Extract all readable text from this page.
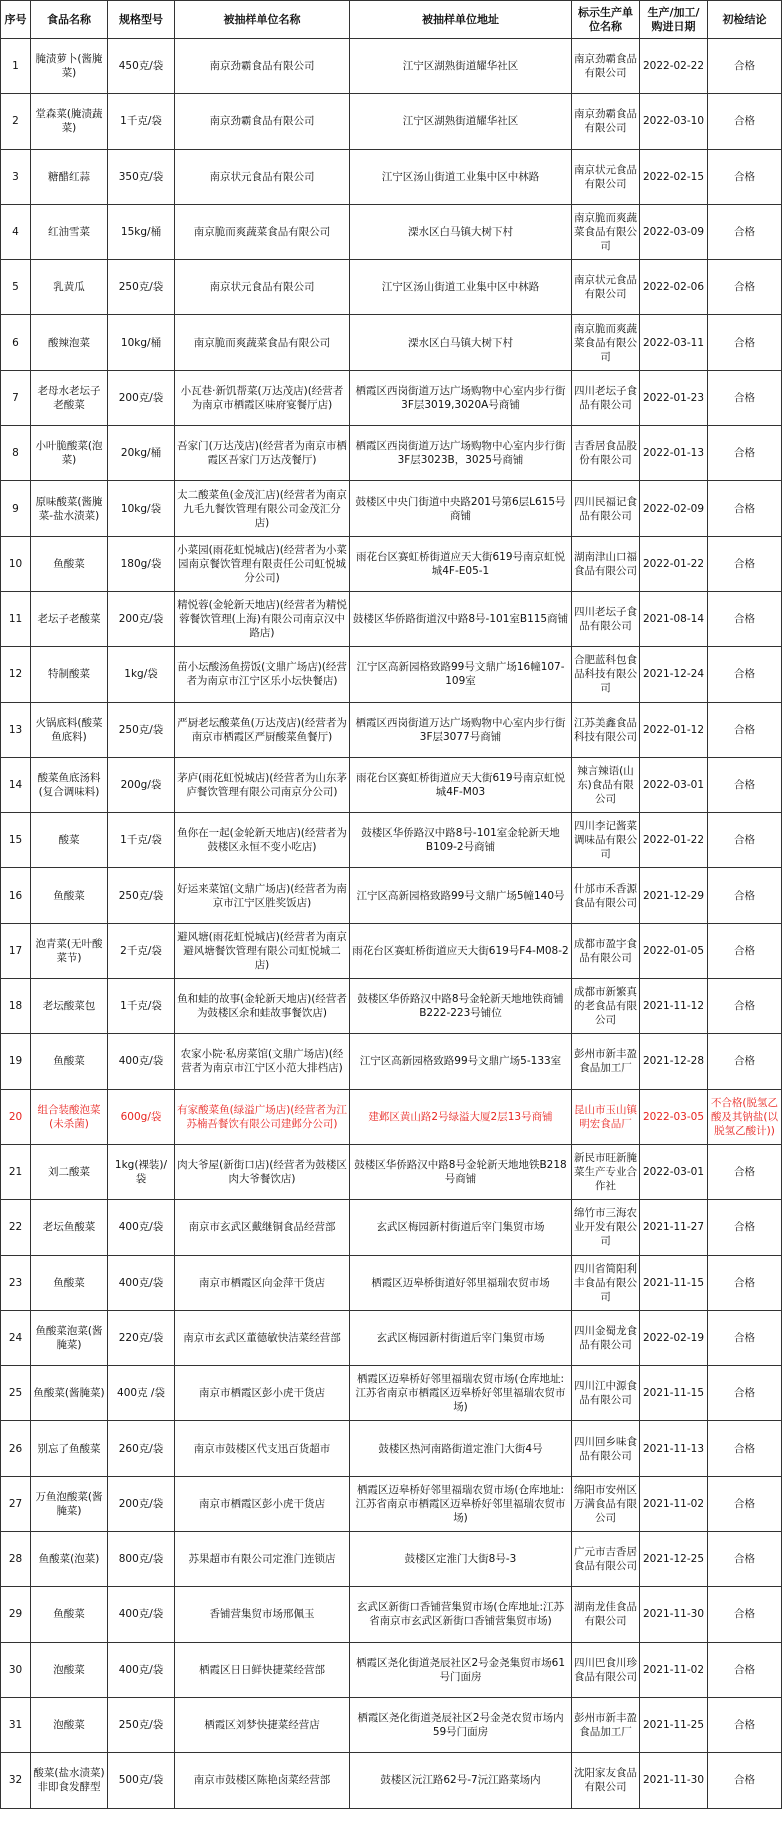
序号	食品名称	规格型号	被抽样单位名称	被抽样单位地址	标示生产单位名称	生产/加工/购进日期	初检结论
1	腌渍萝卜(酱腌菜)	450克/袋	南京劲霸食品有限公司	江宁区湖熟街道耀华社区	南京劲霸食品有限公司	2022-02-22	合格
2	堂森菜(腌渍蔬菜)	1千克/袋	南京劲霸食品有限公司	江宁区湖熟街道耀华社区	南京劲霸食品有限公司	2022-03-10	合格
3	糖醋红蒜	350克/袋	南京状元食品有限公司	江宁区汤山街道工业集中区中林路	南京状元食品有限公司	2022-02-15	合格
4	红油雪菜	15kg/桶	南京脆而爽蔬菜食品有限公司	溧水区白马镇大树下村	南京脆而爽蔬菜食品有限公司	2022-03-09	合格
5	乳黄瓜	250克/袋	南京状元食品有限公司	江宁区汤山街道工业集中区中林路	南京状元食品有限公司	2022-02-06	合格
6	酸辣泡菜	10kg/桶	南京脆而爽蔬菜食品有限公司	溧水区白马镇大树下村	南京脆而爽蔬菜食品有限公司	2022-03-11	合格
7	老母水老坛子老酸菜	200克/袋	小瓦巷·新饥帮菜(万达茂店)(经营者为南京市栖霞区味府宴餐厅店)	栖霞区西岗街道万达广场购物中心室内步行街3F层3019,3020A号商铺	四川老坛子食品有限公司	2022-01-23	合格
8	小叶脆酸菜(泡菜)	20kg/桶	吾家门(万达茂店)(经营者为南京市栖霞区吾家门万达茂餐厅)	栖霞区西岗街道万达广场购物中心室内步行街3F层3023B，3025号商铺	吉香居食品股份有限公司	2022-01-13	合格
9	原味酸菜(酱腌菜-盐水渍菜)	10kg/袋	太二酸菜鱼(金茂汇店)(经营者为南京九毛九餐饮管理有限公司金茂汇分店)	鼓楼区中央门街道中央路201号第6层L615号商铺	四川民福记食品有限公司	2022-02-09	合格
10	鱼酸菜	180g/袋	小菜园(雨花虹悦城店)(经营者为小菜园南京餐饮管理有限责任公司虹悦城分公司)	雨花台区赛虹桥街道应天大街619号南京虹悦城4F-E05-1	湖南津山口福食品有限公司	2022-01-22	合格
11	老坛子老酸菜	200克/袋	精悦蓉(金轮新天地店)(经营者为精悦蓉餐饮管理(上海)有限公司南京汉中路店)	鼓楼区华侨路街道汉中路8号-101室B115商铺	四川老坛子食品有限公司	2021-08-14	合格
12	特制酸菜	1kg/袋	苗小坛酸汤鱼捞饭(文鼎广场店)(经营者为南京市江宁区乐小坛快餐店)	江宁区高新园格致路99号文鼎广场16幢107-109室	合肥蓝科包食品科技有限公司	2021-12-24	合格
13	火锅底料(酸菜鱼底料)	250克/袋	严厨老坛酸菜鱼(万达茂店)(经营者为南京市栖霞区严厨酸菜鱼餐厅)	栖霞区西岗街道万达广场购物中心室内步行街3F层3077号商铺	江苏美鑫食品科技有限公司	2022-01-12	合格
14	酸菜鱼底汤料(复合调味料)	200g/袋	茅庐(雨花虹悦城店)(经营者为山东茅庐餐饮管理有限公司南京分公司)	雨花台区赛虹桥街道应天大街619号南京虹悦城4F-M03	辣言辣语(山东)食品有限公司	2022-03-01	合格
15	酸菜	1千克/袋	鱼你在一起(金轮新天地店)(经营者为鼓楼区永恒不变小吃店)	鼓楼区华侨路汉中路8号-101室金轮新天地B109-2号商铺	四川李记酱菜调味品有限公司	2022-01-22	合格
16	鱼酸菜	250克/袋	好运来菜馆(文鼎广场店)(经营者为南京市江宁区胜奖饭店)	江宁区高新园格致路99号文鼎广场5幢140号	什邡市禾香源食品有限公司	2021-12-29	合格
17	泡青菜(无叶酸菜节)	2千克/袋	避风塘(雨花虹悦城店)(经营者为南京避风塘餐饮管理有限公司虹悦城二店)	雨花台区赛虹桥街道应天大街619号F4-M08-2	成都市盈宇食品有限公司	2022-01-05	合格
18	老坛酸菜包	1千克/袋	鱼和蛙的故事(金轮新天地店)(经营者为鼓楼区余和蛙故事餐饮店)	鼓楼区华侨路汉中路8号金轮新天地地铁商铺B222-223号铺位	成都市新繁真的老食品有限公司	2021-11-12	合格
19	鱼酸菜	400克/袋	农家小院·私房菜馆(文鼎广场店)(经营者为南京市江宁区小范大排档店)	江宁区高新园格致路99号文鼎广场5-133室	彭州市新丰盈食品加工厂	2021-12-28	合格
20	组合装酸泡菜(未杀菌)	600g/袋	有家酸菜鱼(绿溢广场店)(经营者为江苏楠吾餐饮有限公司建邺分公司)	建邺区黄山路2号绿溢大厦2层13号商铺	昆山市玉山镇明宏食品厂	2022-03-05	不合格(脱氢乙酸及其钠盐(以脱氢乙酸计))
21	刘二酸菜	1kg(裸装)/袋	肉大爷屋(新街口店)(经营者为鼓楼区肉大爷餐饮店)	鼓楼区华侨路汉中路8号金轮新天地地铁B218号商铺	新民市旺新腌菜生产专业合作社	2022-03-01	合格
22	老坛鱼酸菜	400克/袋	南京市玄武区戴继铜食品经营部	玄武区梅园新村街道后宰门集贸市场	绵竹市三海农业开发有限公司	2021-11-27	合格
23	鱼酸菜	400克/袋	南京市栖霞区向金萍干货店	栖霞区迈皋桥街道好邻里福瑞农贸市场	四川省简阳利丰食品有限公司	2021-11-15	合格
24	鱼酸菜泡菜(酱腌菜)	220克/袋	南京市玄武区董德敏快洁菜经营部	玄武区梅园新村街道后宰门集贸市场	四川金蜀龙食品有限公司	2022-02-19	合格
25	鱼酸菜(酱腌菜)	400克 /袋	南京市栖霞区彭小虎干货店	栖霞区迈皋桥好邻里福瑞农贸市场(仓库地址:江苏省南京市栖霞区迈皋桥好邻里福瑞农贸市场)	四川江中源食品有限公司	2021-11-15	合格
26	别忘了鱼酸菜	260克/袋	南京市鼓楼区代支迅百货超市	鼓楼区热河南路街道定淮门大街4号	四川回乡味食品有限公司	2021-11-13	合格
27	万鱼泡酸菜(酱腌菜)	200克/袋	南京市栖霞区彭小虎干货店	栖霞区迈皋桥好邻里福瑞农贸市场(仓库地址:江苏省南京市栖霞区迈皋桥好邻里福瑞农贸市场)	绵阳市安州区万满食品有限公司	2021-11-02	合格
28	鱼酸菜(泡菜)	800克/袋	苏果超市有限公司定淮门连锁店	鼓楼区定淮门大街8号-3	广元市吉香居食品有限公司	2021-12-25	合格
29	鱼酸菜	400克/袋	香铺营集贸市场邢佩玉	玄武区新街口香铺营集贸市场(仓库地址:江苏省南京市玄武区新街口香铺营集贸市场)	湖南龙佳食品有限公司	2021-11-30	合格
30	泡酸菜	400克/袋	栖霞区日日鲜快捷菜经营部	栖霞区尧化街道尧辰社区2号金尧集贸市场61号门面房	四川巴食川珍食品有限公司	2021-11-02	合格
31	泡酸菜	250克/袋	栖霞区刘梦快捷菜经营店	栖霞区尧化街道尧辰社区2号金尧农贸市场内59号门面房	彭州市新丰盈食品加工厂	2021-11-25	合格
32	酸菜(盐水渍菜)非即食发酵型	500克/袋	南京市鼓楼区陈艳卤菜经营部	鼓楼区沅江路62号-7沅江路菜场内	沈阳家友食品有限公司	2021-11-30	合格
